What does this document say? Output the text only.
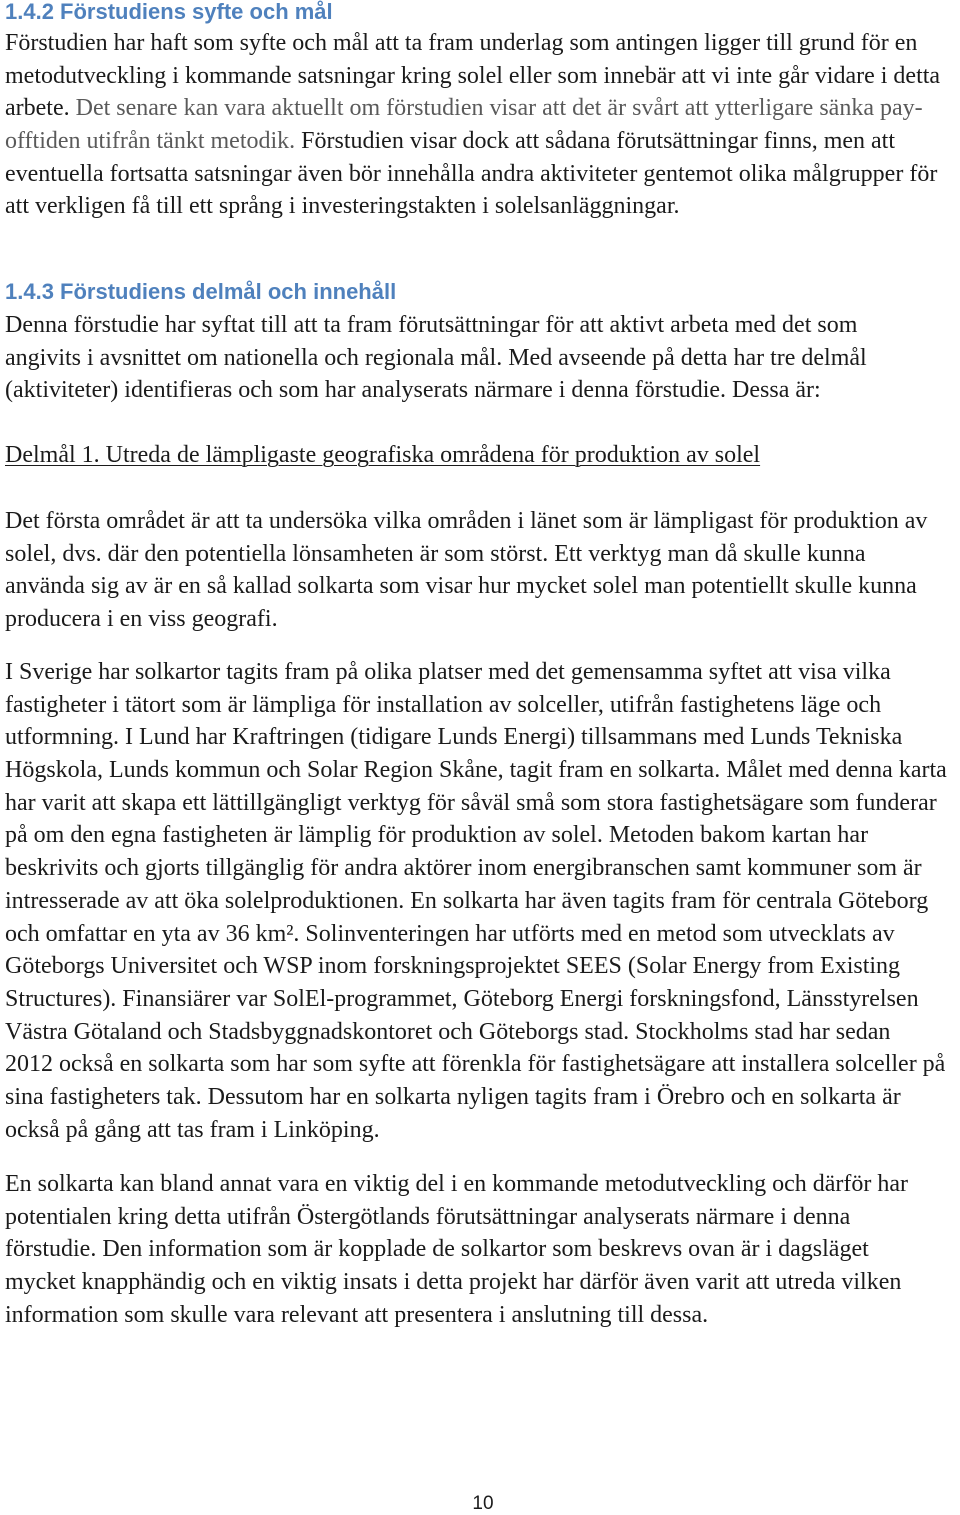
1.4.2 Förstudiens syfte och mål
Förstudien har haft som syfte och mål att ta fram underlag som antingen ligger till grund för en
metodutveckling i kommande satsningar kring solel eller som innebär att vi inte går vidare i detta
arbete. Det senare kan vara aktuellt om förstudien visar att det är svårt att ytterligare sänka pay-
offtiden utifrån tänkt metodik. Förstudien visar dock att sådana förutsättningar finns, men att
eventuella fortsatta satsningar även bör innehålla andra aktiviteter gentemot olika målgrupper för
att verkligen få till ett språng i investeringstakten i solelsanläggningar.
1.4.3 Förstudiens delmål och innehåll
Denna förstudie har syftat till att ta fram förutsättningar för att aktivt arbeta med det som
angivits i avsnittet om nationella och regionala mål. Med avseende på detta har tre delmål
(aktiviteter) identifieras och som har analyserats närmare i denna förstudie. Dessa är:
Delmål 1. Utreda de lämpligaste geografiska områdena för produktion av solel
Det första området är att ta undersöka vilka områden i länet som är lämpligast för produktion av
solel, dvs. där den potentiella lönsamheten är som störst. Ett verktyg man då skulle kunna
använda sig av är en så kallad solkarta som visar hur mycket solel man potentiellt skulle kunna
producera i en viss geografi.
I Sverige har solkartor tagits fram på olika platser med det gemensamma syftet att visa vilka
fastigheter i tätort som är lämpliga för installation av solceller, utifrån fastighetens läge och
utformning. I Lund har Kraftringen (tidigare Lunds Energi) tillsammans med Lunds Tekniska
Högskola, Lunds kommun och Solar Region Skåne, tagit fram en solkarta. Målet med denna karta
har varit att skapa ett lättillgängligt verktyg för såväl små som stora fastighetsägare som funderar
på om den egna fastigheten är lämplig för produktion av solel. Metoden bakom kartan har
beskrivits och gjorts tillgänglig för andra aktörer inom energibranschen samt kommuner som är
intresserade av att öka solelproduktionen. En solkarta har även tagits fram för centrala Göteborg
och omfattar en yta av 36 km². Solinventeringen har utförts med en metod som utvecklats av
Göteborgs Universitet och WSP inom forskningsprojektet SEES (Solar Energy from Existing
Structures). Finansiärer var SolEl-programmet, Göteborg Energi forskningsfond, Länsstyrelsen
Västra Götaland och Stadsbyggnadskontoret och Göteborgs stad. Stockholms stad har sedan
2012 också en solkarta som har som syfte att förenkla för fastighetsägare att installera solceller på
sina fastigheters tak. Dessutom har en solkarta nyligen tagits fram i Örebro och en solkarta är
också på gång att tas fram i Linköping.
En solkarta kan bland annat vara en viktig del i en kommande metodutveckling och därför har
potentialen kring detta utifrån Östergötlands förutsättningar analyserats närmare i denna
förstudie. Den information som är kopplade de solkartor som beskrevs ovan är i dagsläget
mycket knapphändig och en viktig insats i detta projekt har därför även varit att utreda vilken
information som skulle vara relevant att presentera i anslutning till dessa.
10
